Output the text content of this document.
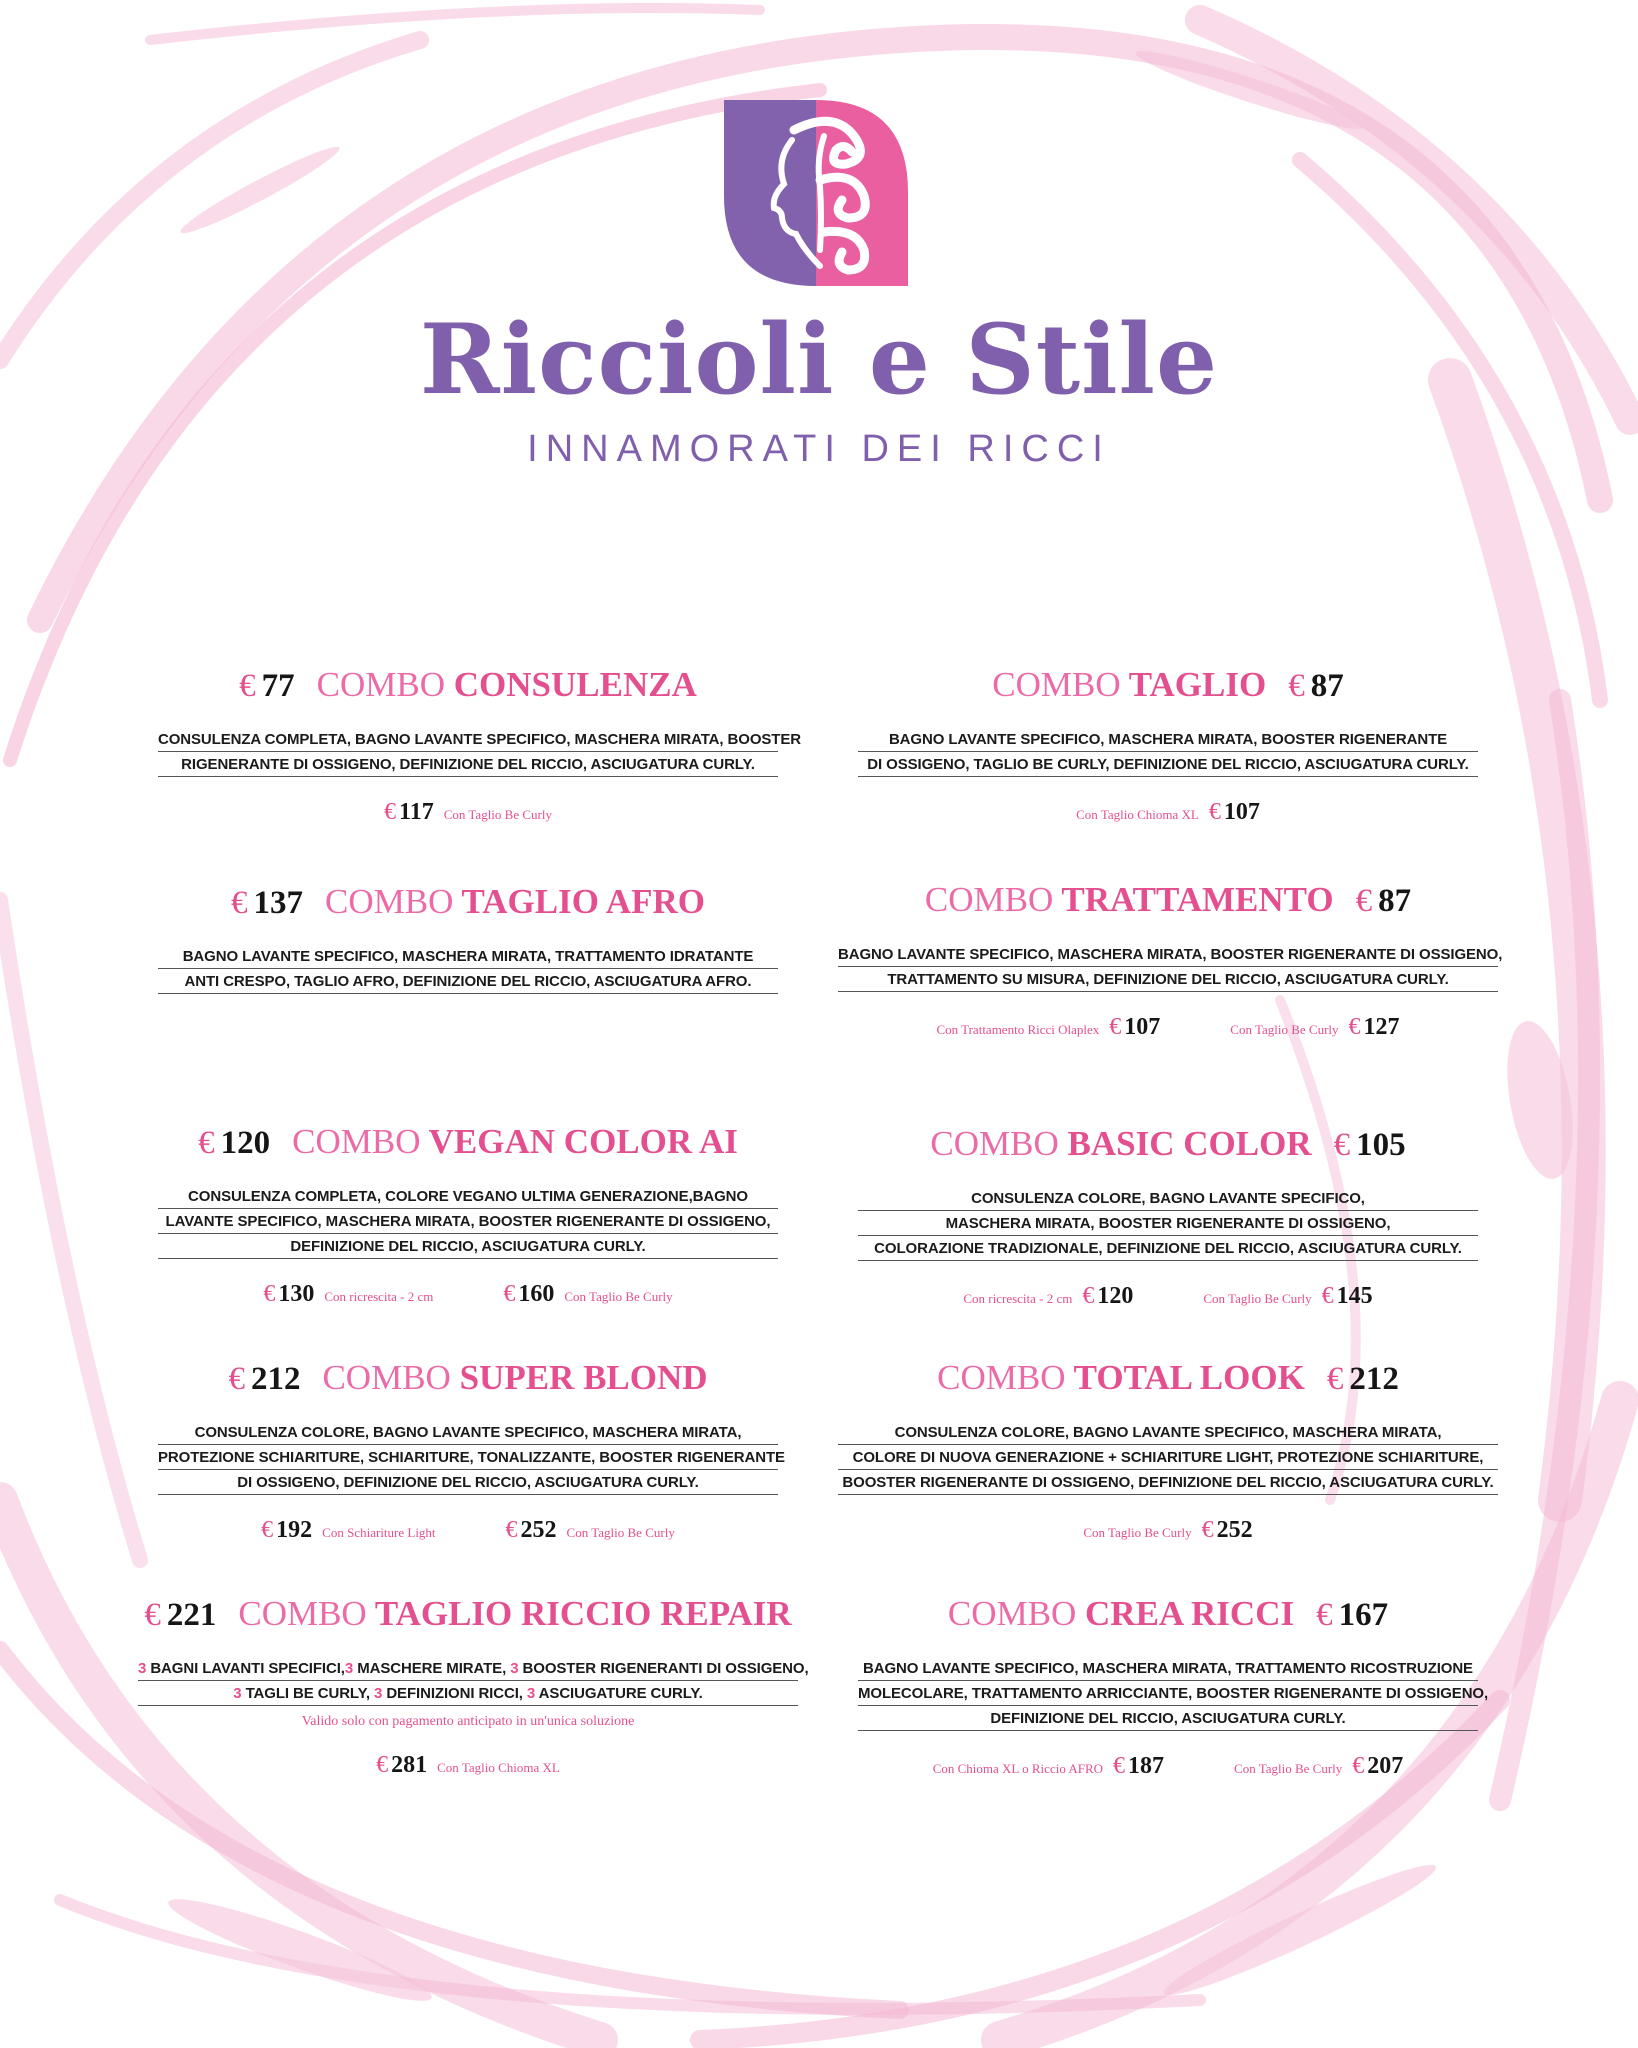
Riccioli e Stile
INNAMORATI DEI RICCI
€ 77 COMBO CONSULENZA
CONSULENZA COMPLETA, BAGNO LAVANTE SPECIFICO, MASCHERA MIRATA, BOOSTER
RIGENERANTE DI OSSIGENO, DEFINIZIONE DEL RICCIO, ASCIUGATURA CURLY.
€ 117 Con Taglio Be Curly
COMBO TAGLIO € 87
BAGNO LAVANTE SPECIFICO, MASCHERA MIRATA, BOOSTER RIGENERANTE
DI OSSIGENO, TAGLIO BE CURLY, DEFINIZIONE DEL RICCIO, ASCIUGATURA CURLY.
Con Taglio Chioma XL € 107
€ 137 COMBO TAGLIO AFRO
BAGNO LAVANTE SPECIFICO, MASCHERA MIRATA, TRATTAMENTO IDRATANTE
ANTI CRESPO, TAGLIO AFRO, DEFINIZIONE DEL RICCIO, ASCIUGATURA AFRO.
COMBO TRATTAMENTO € 87
BAGNO LAVANTE SPECIFICO, MASCHERA MIRATA, BOOSTER RIGENERANTE DI OSSIGENO,
TRATTAMENTO SU MISURA, DEFINIZIONE DEL RICCIO, ASCIUGATURA CURLY.
Con Trattamento Ricci Olaplex € 107	Con Taglio Be Curly € 127
€ 120 COMBO VEGAN COLOR AI
CONSULENZA COMPLETA, COLORE VEGANO ULTIMA GENERAZIONE,BAGNO
LAVANTE SPECIFICO, MASCHERA MIRATA, BOOSTER RIGENERANTE DI OSSIGENO,
DEFINIZIONE DEL RICCIO, ASCIUGATURA CURLY.
€ 130 Con ricrescita - 2 cm	€ 160 Con Taglio Be Curly
COMBO BASIC COLOR € 105
CONSULENZA COLORE, BAGNO LAVANTE SPECIFICO,
MASCHERA MIRATA, BOOSTER RIGENERANTE DI OSSIGENO,
COLORAZIONE TRADIZIONALE, DEFINIZIONE DEL RICCIO, ASCIUGATURA CURLY.
Con ricrescita - 2 cm € 120	Con Taglio Be Curly € 145
€ 212 COMBO SUPER BLOND
CONSULENZA COLORE, BAGNO LAVANTE SPECIFICO, MASCHERA MIRATA,
PROTEZIONE SCHIARITURE, SCHIARITURE, TONALIZZANTE, BOOSTER RIGENERANTE
DI OSSIGENO, DEFINIZIONE DEL RICCIO, ASCIUGATURA CURLY.
€ 192 Con Schiariture Light	€ 252 Con Taglio Be Curly
COMBO TOTAL LOOK € 212
CONSULENZA COLORE, BAGNO LAVANTE SPECIFICO, MASCHERA MIRATA,
COLORE DI NUOVA GENERAZIONE + SCHIARITURE LIGHT, PROTEZIONE SCHIARITURE,
BOOSTER RIGENERANTE DI OSSIGENO, DEFINIZIONE DEL RICCIO, ASCIUGATURA CURLY.
Con Taglio Be Curly € 252
€ 221 COMBO TAGLIO RICCIO REPAIR
3 BAGNI LAVANTI SPECIFICI,3 MASCHERE MIRATE, 3 BOOSTER RIGENERANTI DI OSSIGENO,
3 TAGLI BE CURLY, 3 DEFINIZIONI RICCI, 3 ASCIUGATURE CURLY.
Valido solo con pagamento anticipato in un'unica soluzione
€ 281 Con Taglio Chioma XL
COMBO CREA RICCI € 167
BAGNO LAVANTE SPECIFICO, MASCHERA MIRATA, TRATTAMENTO RICOSTRUZIONE
MOLECOLARE, TRATTAMENTO ARRICCIANTE, BOOSTER RIGENERANTE DI OSSIGENO,
DEFINIZIONE DEL RICCIO, ASCIUGATURA CURLY.
Con Chioma XL o Riccio AFRO € 187	Con Taglio Be Curly € 207
